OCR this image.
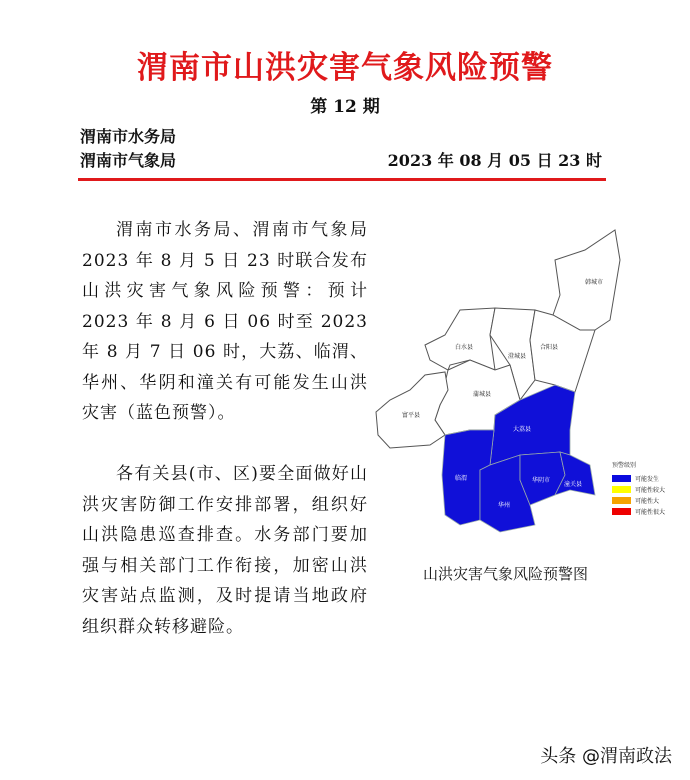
渭南市山洪灾害气象风险预警
第 12 期
渭南市水务局
渭南市气象局	2023 年 08 月 05 日 23 时
渭南市水务局、渭南市气象局 2023 年 8 月 5 日 23 时联合发布山洪灾害气象风险预警：预计 2023 年 8 月 6 日 06 时至 2023 年 8 月 7 日 06 时，大荔、临渭、华州、华阴和潼关有可能发生山洪灾害（蓝色预警）。
各有关县(市、区)要全面做好山洪灾害防御工作安排部署，组织好山洪隐患巡查排查。水务部门要加强与相关部门工作衔接，加密山洪灾害站点监测，及时提请当地政府组织群众转移避险。
韩城市
白水县
澄城县
合阳县
蒲城县
富平县
大荔县
临渭
华州
华阴市
潼关县
预警级别
可能发生
可能性较大
可能性大
可能性很大
山洪灾害气象风险预警图
头条 @渭南政法
